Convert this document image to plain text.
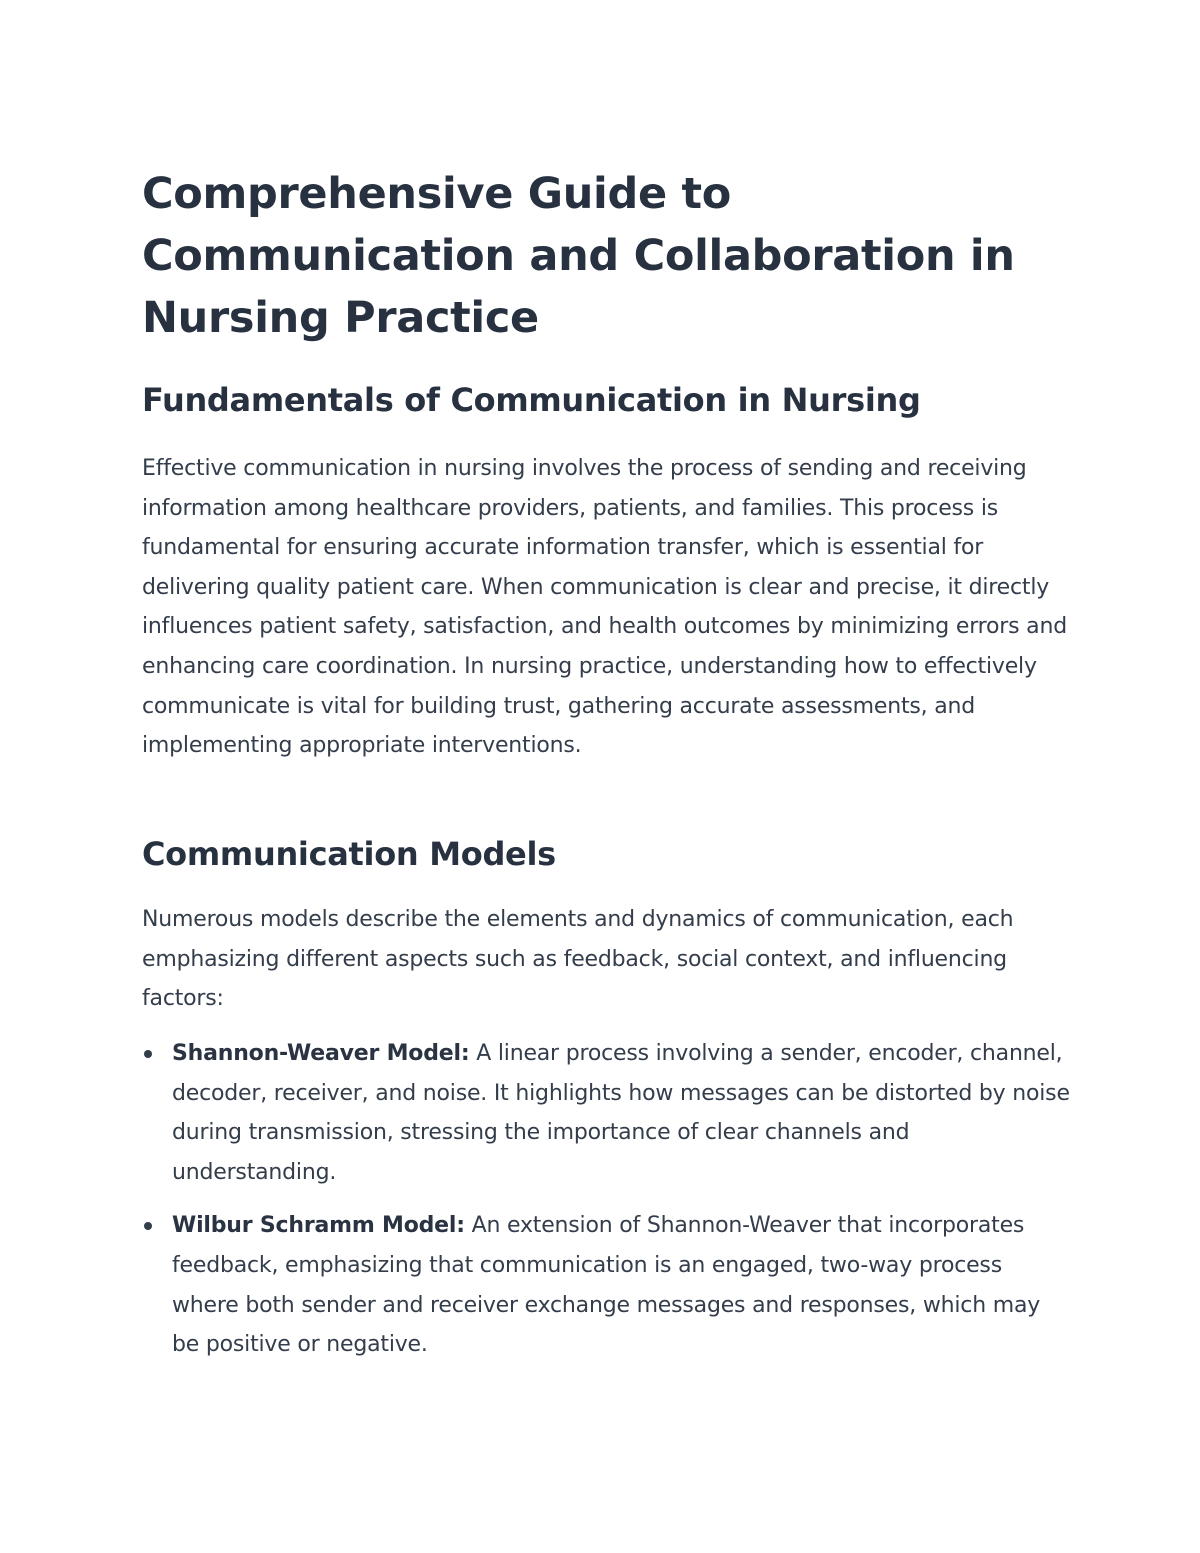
Comprehensive Guide to Communication and Collaboration in Nursing Practice
Fundamentals of Communication in Nursing

Effective communication in nursing involves the process of sending and receiving information among healthcare providers, patients, and families. This process is fundamental for ensuring accurate information transfer, which is essential for delivering quality patient care. When communication is clear and precise, it directly influences patient safety, satisfaction, and health outcomes by minimizing errors and enhancing care coordination. In nursing practice, understanding how to effectively communicate is vital for building trust, gathering accurate assessments, and implementing appropriate interventions.

Communication Models

Numerous models describe the elements and dynamics of communication, each emphasizing different aspects such as feedback, social context, and influencing factors:

Shannon-Weaver Model: A linear process involving a sender, encoder, channel, decoder, receiver, and noise. It highlights how messages can be distorted by noise during transmission, stressing the importance of clear channels and understanding.
Wilbur Schramm Model: An extension of Shannon-Weaver that incorporates feedback, emphasizing that communication is an engaged, two-way process where both sender and receiver exchange messages and responses, which may be positive or negative.
